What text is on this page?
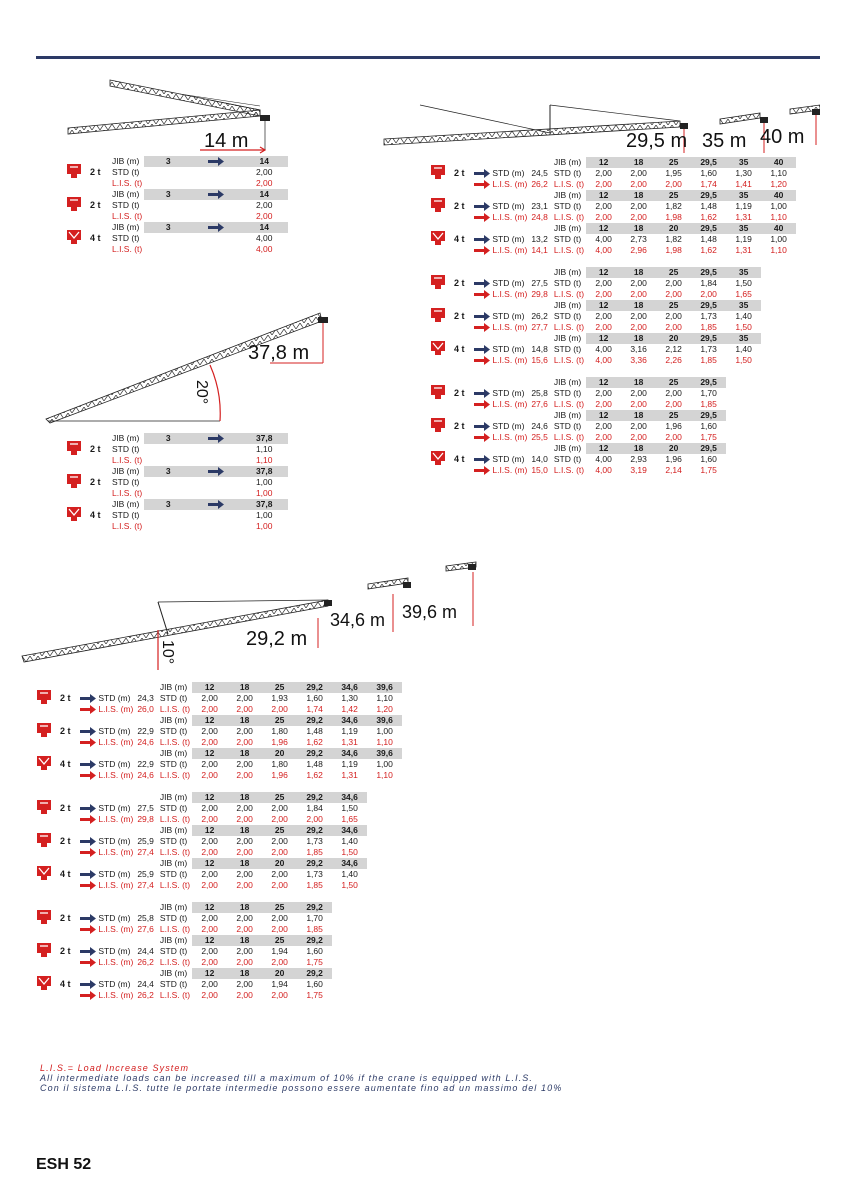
14 m	29,5 m 35 m 40 m
	2 t	JIB (m)	3		14
		STD (t)			2,00
		L.I.S. (t)			2,00
	2 t	JIB (m)	3		14
		STD (t)			2,00
		L.I.S. (t)			2,00
	4 t	JIB (m)	3		14
		STD (t)			4,00
		L.I.S. (t)			4,00
	2 t			JIB (m)	12	18	25	29,5	35	40
		STD (m)	24,5	STD (t)	2,00	2,00	1,95	1,60	1,30	1,10
		L.I.S. (m)	26,2	L.I.S. (t)	2,00	2,00	2,00	1,74	1,41	1,20
	2 t			JIB (m)	12	18	25	29,5	35	40
		STD (m)	23,1	STD (t)	2,00	2,00	1,82	1,48	1,19	1,00
		L.I.S. (m)	24,8	L.I.S. (t)	2,00	2,00	1,98	1,62	1,31	1,10
	4 t			JIB (m)	12	18	20	29,5	35	40
		STD (m)	13,2	STD (t)	4,00	2,73	1,82	1,48	1,19	1,00
		L.I.S. (m)	14,1	L.I.S. (t)	4,00	2,96	1,98	1,62	1,31	1,10

	2 t			JIB (m)	12	18	25	29,5	35	
		STD (m)	27,5	STD (t)	2,00	2,00	2,00	1,84	1,50	
		L.I.S. (m)	29,8	L.I.S. (t)	2,00	2,00	2,00	2,00	1,65	
	2 t			JIB (m)	12	18	25	29,5	35	
		STD (m)	26,2	STD (t)	2,00	2,00	2,00	1,73	1,40	
		L.I.S. (m)	27,7	L.I.S. (t)	2,00	2,00	2,00	1,85	1,50	
	4 t			JIB (m)	12	18	20	29,5	35	
		STD (m)	14,8	STD (t)	4,00	3,16	2,12	1,73	1,40	
		L.I.S. (m)	15,6	L.I.S. (t)	4,00	3,36	2,26	1,85	1,50	

	2 t			JIB (m)	12	18	25	29,5		
		STD (m)	25,8	STD (t)	2,00	2,00	2,00	1,70		
		L.I.S. (m)	27,6	L.I.S. (t)	2,00	2,00	2,00	1,85		
	2 t			JIB (m)	12	18	25	29,5		
		STD (m)	24,6	STD (t)	2,00	2,00	1,96	1,60		
		L.I.S. (m)	25,5	L.I.S. (t)	2,00	2,00	2,00	1,75		
	4 t			JIB (m)	12	18	20	29,5		
		STD (m)	14,0	STD (t)	4,00	2,93	1,96	1,60		
		L.I.S. (m)	15,0	L.I.S. (t)	4,00	3,19	2,14	1,75		
37,8 m
20°
	2 t	JIB (m)	3		37,8
		STD (t)			1,10
		L.I.S. (t)			1,10
	2 t	JIB (m)	3		37,8
		STD (t)			1,00
		L.I.S. (t)			1,00
	4 t	JIB (m)	3		37,8
		STD (t)			1,00
		L.I.S. (t)			1,00
29,2 m
34,6 m 39,6 m
10°
	2 t			JIB (m)	12	18	25	29,2	34,6	39,6
		STD (m)	24,3	STD (t)	2,00	2,00	1,93	1,60	1,30	1,10
		L.I.S. (m)	26,0	L.I.S. (t)	2,00	2,00	2,00	1,74	1,42	1,20
	2 t			JIB (m)	12	18	25	29,2	34,6	39,6
		STD (m)	22,9	STD (t)	2,00	2,00	1,80	1,48	1,19	1,00
		L.I.S. (m)	24,6	L.I.S. (t)	2,00	2,00	1,96	1,62	1,31	1,10
	4 t			JIB (m)	12	18	20	29,2	34,6	39,6
		STD (m)	22,9	STD (t)	2,00	2,00	1,80	1,48	1,19	1,00
		L.I.S. (m)	24,6	L.I.S. (t)	2,00	2,00	1,96	1,62	1,31	1,10

	2 t			JIB (m)	12	18	25	29,2	34,6	
		STD (m)	27,5	STD (t)	2,00	2,00	2,00	1,84	1,50	
		L.I.S. (m)	29,8	L.I.S. (t)	2,00	2,00	2,00	2,00	1,65	
	2 t			JIB (m)	12	18	25	29,2	34,6	
		STD (m)	25,9	STD (t)	2,00	2,00	2,00	1,73	1,40	
		L.I.S. (m)	27,4	L.I.S. (t)	2,00	2,00	2,00	1,85	1,50	
	4 t			JIB (m)	12	18	20	29,2	34,6	
		STD (m)	25,9	STD (t)	2,00	2,00	2,00	1,73	1,40	
		L.I.S. (m)	27,4	L.I.S. (t)	2,00	2,00	2,00	1,85	1,50	

	2 t			JIB (m)	12	18	25	29,2		
		STD (m)	25,8	STD (t)	2,00	2,00	2,00	1,70		
		L.I.S. (m)	27,6	L.I.S. (t)	2,00	2,00	2,00	1,85		
	2 t			JIB (m)	12	18	25	29,2		
		STD (m)	24,4	STD (t)	2,00	2,00	1,94	1,60		
		L.I.S. (m)	26,2	L.I.S. (t)	2,00	2,00	2,00	1,75		
	4 t			JIB (m)	12	18	20	29,2		
		STD (m)	24,4	STD (t)	2,00	2,00	1,94	1,60		
		L.I.S. (m)	26,2	L.I.S. (t)	2,00	2,00	2,00	1,75		
L.I.S.= Load Increase System
All intermediate loads can be increased till a maximum of 10% if the crane is equipped with L.I.S.
Con il sistema L.I.S. tutte le portate intermedie possono essere aumentate fino ad un massimo del 10%
ESH 52
